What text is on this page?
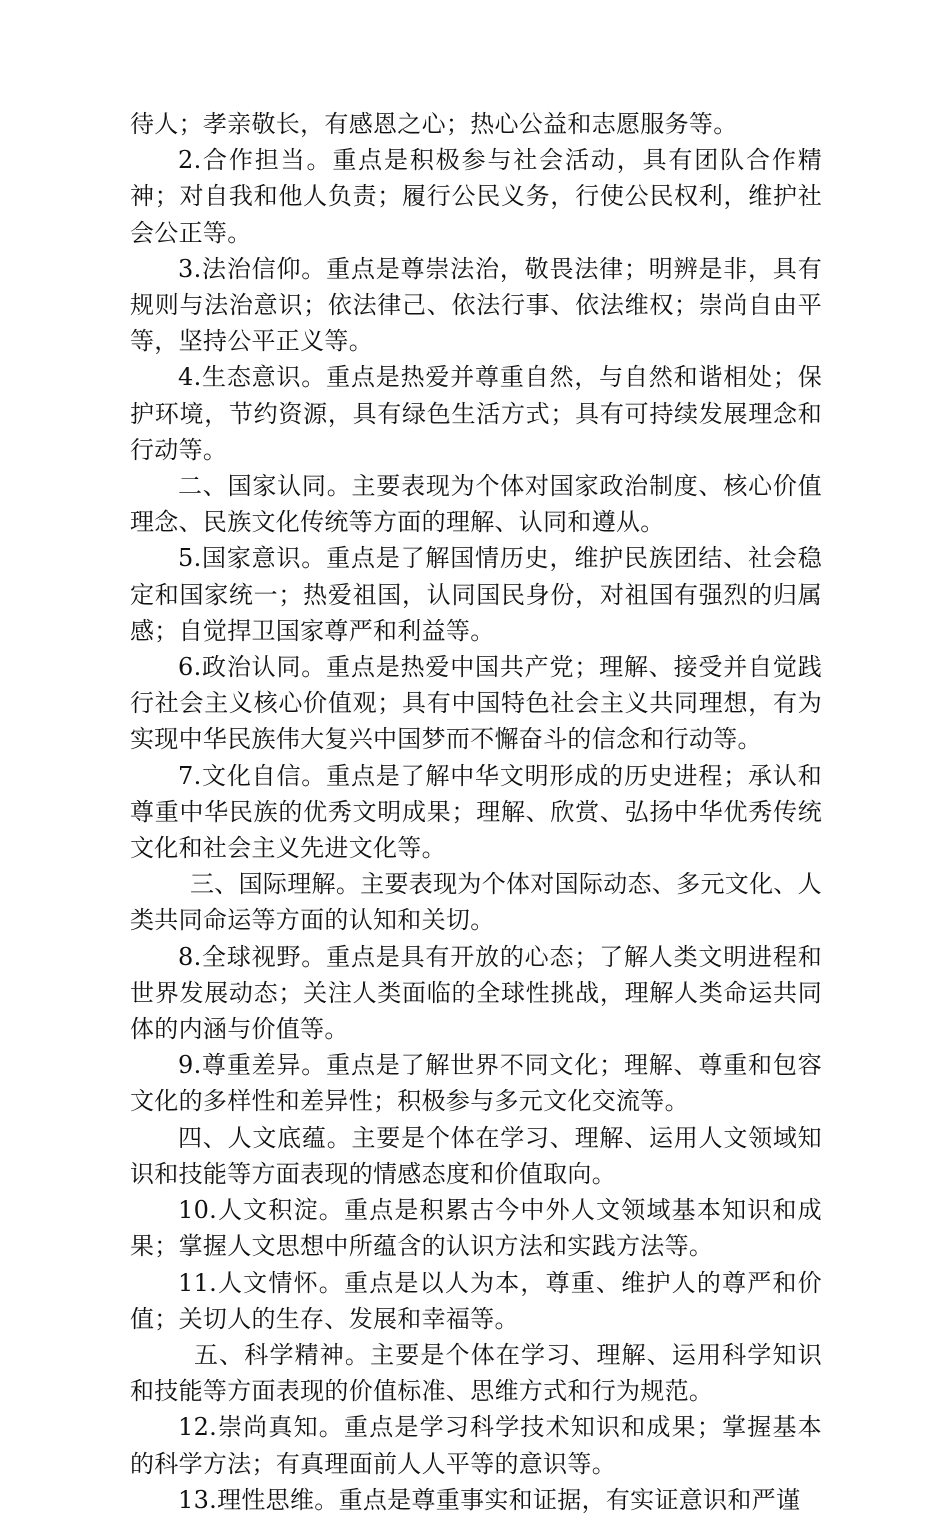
待人；孝亲敬长，有感恩之心；热心公益和志愿服务等。

2.合作担当。重点是积极参与社会活动，具有团队合作精神；对自我和他人负责；履行公民义务，行使公民权利，维护社会公正等。

3.法治信仰。重点是尊崇法治，敬畏法律；明辨是非，具有规则与法治意识；依法律己、依法行事、依法维权；崇尚自由平等，坚持公平正义等。

4.生态意识。重点是热爱并尊重自然，与自然和谐相处；保护环境，节约资源，具有绿色生活方式；具有可持续发展理念和行动等。

二、国家认同。主要表现为个体对国家政治制度、核心价值理念、民族文化传统等方面的理解、认同和遵从。

5.国家意识。重点是了解国情历史，维护民族团结、社会稳定和国家统一；热爱祖国，认同国民身份，对祖国有强烈的归属感；自觉捍卫国家尊严和利益等。

6.政治认同。重点是热爱中国共产党；理解、接受并自觉践行社会主义核心价值观；具有中国特色社会主义共同理想，有为实现中华民族伟大复兴中国梦而不懈奋斗的信念和行动等。

7.文化自信。重点是了解中华文明形成的历史进程；承认和尊重中华民族的优秀文明成果；理解、欣赏、弘扬中华优秀传统文化和社会主义先进文化等。

三、国际理解。主要表现为个体对国际动态、多元文化、人类共同命运等方面的认知和关切。

8.全球视野。重点是具有开放的心态；了解人类文明进程和世界发展动态；关注人类面临的全球性挑战，理解人类命运共同体的内涵与价值等。

9.尊重差异。重点是了解世界不同文化；理解、尊重和包容文化的多样性和差异性；积极参与多元文化交流等。

四、人文底蕴。主要是个体在学习、理解、运用人文领域知识和技能等方面表现的情感态度和价值取向。

10.人文积淀。重点是积累古今中外人文领域基本知识和成果；掌握人文思想中所蕴含的认识方法和实践方法等。

11.人文情怀。重点是以人为本，尊重、维护人的尊严和价值；关切人的生存、发展和幸福等。

五、科学精神。主要是个体在学习、理解、运用科学知识和技能等方面表现的价值标准、思维方式和行为规范。

12.崇尚真知。重点是学习科学技术知识和成果；掌握基本的科学方法；有真理面前人人平等的意识等。

13.理性思维。重点是尊重事实和证据，有实证意识和严谨
